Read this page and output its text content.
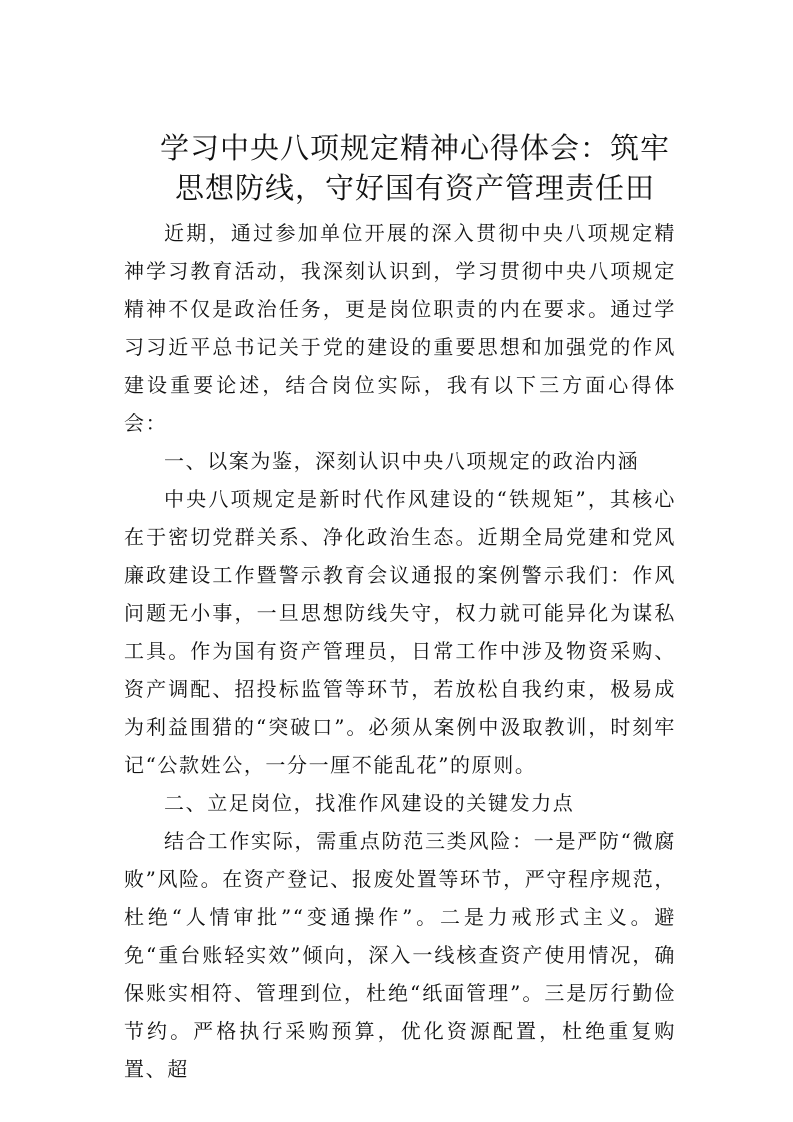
学习中央八项规定精神心得体会：筑牢
思想防线，守好国有资产管理责任田

近期，通过参加单位开展的深入贯彻中央八项规定精神学习教育活动，我深刻认识到，学习贯彻中央八项规定精神不仅是政治任务，更是岗位职责的内在要求。通过学习习近平总书记关于党的建设的重要思想和加强党的作风建设重要论述，结合岗位实际，我有以下三方面心得体会：

一、以案为鉴，深刻认识中央八项规定的政治内涵

中央八项规定是新时代作风建设的“铁规矩”，其核心在于密切党群关系、净化政治生态。近期全局党建和党风廉政建设工作暨警示教育会议通报的案例警示我们：作风问题无小事，一旦思想防线失守，权力就可能异化为谋私工具。作为国有资产管理员，日常工作中涉及物资采购、资产调配、招投标监管等环节，若放松自我约束，极易成为利益围猎的“突破口”。必须从案例中汲取教训，时刻牢记“公款姓公，一分一厘不能乱花”的原则。

二、立足岗位，找准作风建设的关键发力点

结合工作实际，需重点防范三类风险：一是严防“微腐败”风险。在资产登记、报废处置等环节，严守程序规范，杜绝“人情审批”“变通操作”。二是力戒形式主义。避免“重台账轻实效”倾向，深入一线核查资产使用情况，确保账实相符、管理到位，杜绝“纸面管理”。三是厉行勤俭节约。严格执行采购预算，优化资源配置，杜绝重复购置、超
